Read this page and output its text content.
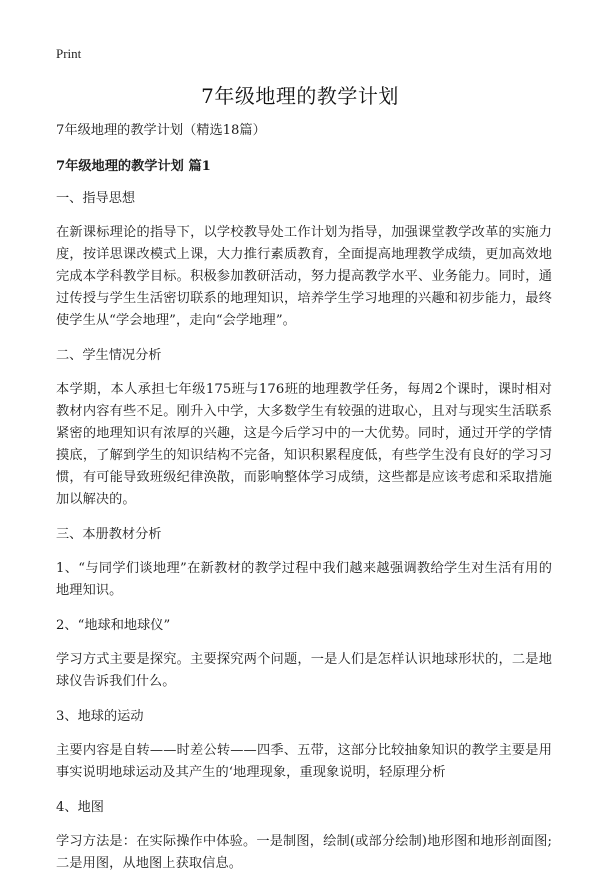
Print
7年级地理的教学计划

7年级地理的教学计划（精选18篇）

7年级地理的教学计划 篇1

一、指导思想

在新课标理论的指导下，以学校教导处工作计划为指导，加强课堂教学改革的实施力度，按详思课改模式上课，大力推行素质教育，全面提高地理教学成绩，更加高效地完成本学科教学目标。积极参加教研活动，努力提高教学水平、业务能力。同时，通过传授与学生生活密切联系的地理知识，培养学生学习地理的兴趣和初步能力，最终使学生从“学会地理”，走向“会学地理”。

二、学生情况分析

本学期，本人承担七年级175班与176班的地理教学任务，每周2个课时，课时相对教材内容有些不足。刚升入中学，大多数学生有较强的进取心，且对与现实生活联系紧密的地理知识有浓厚的兴趣，这是今后学习中的一大优势。同时，通过开学的学情摸底，了解到学生的知识结构不完备，知识积累程度低，有些学生没有良好的学习习惯，有可能导致班级纪律涣散，而影响整体学习成绩，这些都是应该考虑和采取措施加以解决的。

三、本册教材分析

1、“与同学们谈地理”在新教材的教学过程中我们越来越强调教给学生对生活有用的地理知识。

2、“地球和地球仪”

学习方式主要是探究。主要探究两个问题，一是人们是怎样认识地球形状的，二是地球仪告诉我们什么。

3、地球的运动

主要内容是自转——时差公转——四季、五带，这部分比较抽象知识的教学主要是用事实说明地球运动及其产生的‘地理现象，重现象说明，轻原理分析

4、地图

学习方法是：在实际操作中体验。一是制图，绘制(或部分绘制)地形图和地形剖面图;二是用图，从地图上获取信息。
